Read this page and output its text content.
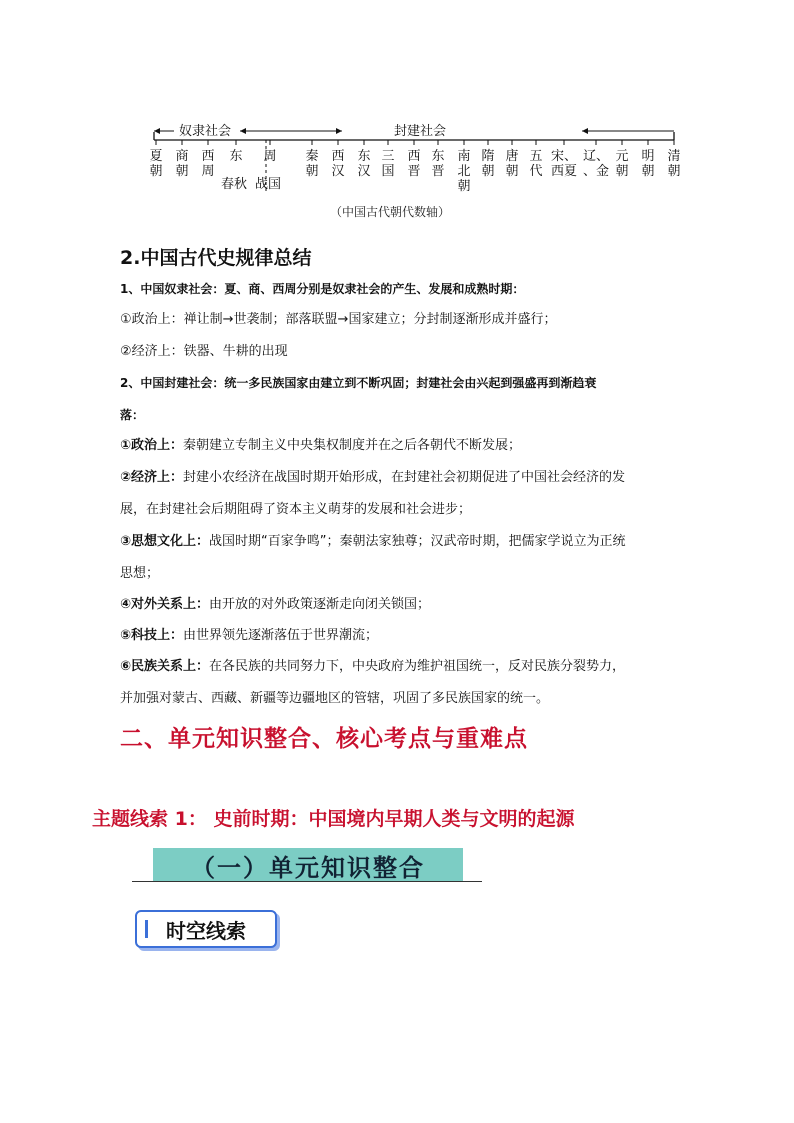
奴隶社会	封建社会
夏
朝
商
朝
西
周
东
春秋
周
战国
秦
朝
西
汉
东
汉
三
国
西
晋
东
晋
南
北
朝
隋
朝
唐
朝
五
代
宋、
西夏
辽、
、金
元
朝
明
朝
清
朝
（中国古代朝代数轴）
2.中国古代史规律总结
1、中国奴隶社会：夏、商、西周分别是奴隶社会的产生、发展和成熟时期：
①政治上：禅让制→世袭制；部落联盟→国家建立；分封制逐渐形成并盛行；
②经济上：铁器、牛耕的出现
2、中国封建社会：统一多民族国家由建立到不断巩固；封建社会由兴起到强盛再到渐趋衰
落：
①政治上：秦朝建立专制主义中央集权制度并在之后各朝代不断发展；
②经济上：封建小农经济在战国时期开始形成，在封建社会初期促进了中国社会经济的发
展，在封建社会后期阻碍了资本主义萌芽的发展和社会进步；
③思想文化上：战国时期“百家争鸣”；秦朝法家独尊；汉武帝时期，把儒家学说立为正统
思想；
④对外关系上：由开放的对外政策逐渐走向闭关锁国；
⑤科技上：由世界领先逐渐落伍于世界潮流；
⑥民族关系上：在各民族的共同努力下，中央政府为维护祖国统一，反对民族分裂势力，
并加强对蒙古、西藏、新疆等边疆地区的管辖，巩固了多民族国家的统一。
二、单元知识整合、核心考点与重难点
主题线索 1： 史前时期：中国境内早期人类与文明的起源
（一）单元知识整合
时空线索
